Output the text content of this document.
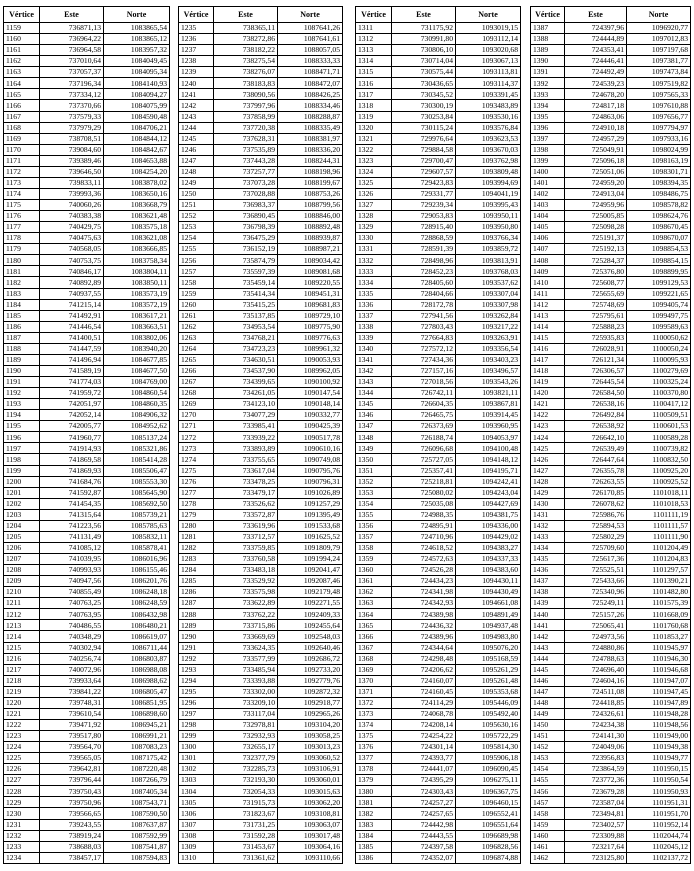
Vértice	Este	Norte
1159	736871,13	1083865,54
1160	736964,22	1083865,12
1161	736964,58	1083957,32
1162	737010,64	1084049,45
1163	737057,37	1084095,34
1164	737196,34	1084140,93
1165	737334,12	1084094,27
1166	737370,66	1084075,99
1167	737579,33	1084590,48
1168	737979,29	1084706,21
1169	738708,51	1084844,12
1170	739084,60	1084842,67
1171	739389,46	1084653,88
1172	739646,50	1084254,20
1173	739833,11	1083878,02
1174	739993,36	1083650,16
1175	740060,26	1083668,79
1176	740383,38	1083621,48
1177	740429,75	1083575,18
1178	740475,63	1083621,08
1179	740568,05	1083666,85
1180	740753,75	1083758,34
1181	740846,17	1083804,11
1182	740892,89	1083850,11
1183	740937,55	1083573,19
1184	741215,14	1083572,19
1185	741492,91	1083617,21
1186	741446,54	1083663,51
1187	741400,51	1083802,06
1188	741447,59	1083940,20
1189	741496,94	1084677,85
1190	741589,19	1084677,50
1191	741774,03	1084769,00
1192	741959,72	1084860,54
1193	742051,97	1084860,35
1194	742052,14	1084906,32
1195	742005,77	1084952,62
1196	741960,77	1085137,24
1197	741914,93	1085321,86
1198	741869,58	1085414,28
1199	741869,93	1085506,47
1200	741684,76	1085553,30
1201	741592,87	1085645,90
1202	741454,35	1085692,50
1203	741315,64	1085739,21
1204	741223,56	1085785,63
1205	741131,49	1085832,11
1206	741085,12	1085878,41
1207	741039,95	1086016,96
1208	740993,93	1086155,46
1209	740947,56	1086201,76
1210	740855,49	1086248,18
1211	740763,25	1086248,59
1212	740763,95	1086432,98
1213	740486,55	1086480,21
1214	740348,29	1086619,07
1215	740302,94	1086711,44
1216	740256,74	1086803,87
1217	740072,96	1086988,08
1218	739933,64	1086988,62
1219	739841,22	1086805,47
1220	739748,31	1086851,95
1221	739610,54	1086898,60
1222	739471,92	1086945,21
1223	739517,80	1086991,21
1224	739564,70	1087083,23
1225	739565,05	1087175,42
1226	739642,81	1087220,48
1227	739796,44	1087266,79
1228	739750,43	1087405,34
1229	739750,96	1087543,71
1230	739566,65	1087590,50
1231	739243,55	1087637,87
1232	738919,24	1087592,99
1233	738688,03	1087541,87
1234	738457,17	1087594,83
Vértice	Este	Norte
1235	738365,11	1087641,26
1236	738272,86	1087641,61
1237	738182,22	1088057,05
1238	738275,54	1088333,33
1239	738276,07	1088471,71
1240	738183,83	1088472,07
1241	738090,56	1088426,25
1242	737997,96	1088334,46
1243	737858,99	1088288,87
1244	737720,38	1088335,49
1245	737628,31	1088381,97
1246	737535,89	1088336,20
1247	737443,28	1088244,31
1248	737257,77	1088198,96
1249	737073,28	1088199,67
1250	737028,88	1088753,26
1251	736983,37	1088799,56
1252	736890,45	1088846,00
1253	736798,39	1088892,48
1254	736475,29	1088939,87
1255	736152,19	1088987,21
1256	735874,79	1089034,42
1257	735597,39	1089081,68
1258	735459,14	1089220,55
1259	735414,34	1089451,31
1260	735415,25	1089681,83
1261	735137,85	1089729,10
1262	734953,54	1089775,90
1263	734768,21	1089776,63
1264	734723,23	1089961,32
1265	734630,51	1090053,93
1266	734537,90	1089962,05
1267	734399,65	1090100,92
1268	734261,05	1090147,54
1269	734123,10	1090148,14
1270	734077,29	1090332,77
1271	733985,41	1090425,39
1272	733939,22	1090517,78
1273	733893,89	1090610,16
1274	733755,65	1090749,08
1275	733617,04	1090795,76
1276	733478,25	1090796,31
1277	733479,17	1091026,89
1278	733526,62	1091257,29
1279	733572,87	1091395,49
1280	733619,96	1091533,68
1281	733712,57	1091625,52
1282	733759,85	1091809,79
1283	733760,58	1091994,24
1284	733483,18	1092041,47
1285	733529,92	1092087,46
1286	733575,98	1092179,48
1287	733622,89	1092271,55
1288	733762,22	1092409,33
1289	733715,86	1092455,64
1290	733669,69	1092548,03
1291	733624,35	1092640,46
1292	733577,99	1092686,72
1293	733485,94	1092733,20
1294	733393,88	1092779,76
1295	733302,00	1092872,32
1296	733209,10	1092918,77
1297	733117,04	1092965,26
1298	732978,81	1093104,20
1299	732932,93	1093058,25
1300	732655,17	1093013,23
1301	732377,79	1093060,52
1302	732285,73	1093106,91
1303	732193,30	1093060,01
1304	732054,33	1093015,63
1305	731915,73	1093062,20
1306	731823,67	1093108,81
1307	731731,25	1093063,07
1308	731592,28	1093017,48
1309	731453,67	1093064,16
1310	731361,62	1093110,66
Vértice	Este	Norte
1311	731175,92	1093019,15
1312	730991,80	1093112,14
1313	730806,10	1093020,68
1314	730714,04	1093067,13
1315	730575,44	1093113,81
1316	730436,65	1093114,37
1317	730345,52	1093391,45
1318	730300,19	1093483,89
1319	730253,84	1093530,16
1320	730115,24	1093576,84
1321	729976,64	1093623,53
1322	729884,58	1093670,03
1323	729700,47	1093762,98
1324	729607,57	1093809,48
1325	729423,83	1093994,69
1326	729331,77	1094041,19
1327	729239,34	1093995,43
1328	729053,83	1093950,11
1329	728915,40	1093950,80
1330	728868,59	1093766,34
1331	728591,39	1093859,72
1332	728498,96	1093813,91
1333	728452,23	1093768,03
1334	728405,60	1093537,62
1335	728404,66	1093307,04
1336	728172,78	1093307,98
1337	727941,56	1093262,84
1338	727803,43	1093217,22
1339	727664,83	1093263,91
1340	727572,12	1093356,54
1341	727434,36	1093403,23
1342	727157,16	1093496,57
1343	727018,56	1093543,26
1344	726742,11	1093821,11
1345	726604,35	1093867,81
1346	726465,75	1093914,45
1347	726373,69	1093960,95
1348	726188,74	1094053,97
1349	726096,68	1094100,48
1350	725727,05	1094148,12
1351	725357,41	1094195,71
1352	725218,81	1094242,41
1353	725080,02	1094243,04
1354	725035,08	1094427,69
1355	724988,35	1094381,75
1356	724895,91	1094336,00
1357	724710,96	1094429,02
1358	724618,52	1094383,27
1359	724572,63	1094337,33
1360	724526,28	1094383,60
1361	724434,23	1094430,11
1362	724341,98	1094430,49
1363	724342,93	1094661,08
1364	724389,98	1094891,49
1365	724436,32	1094937,48
1366	724389,96	1094983,80
1367	724344,64	1095076,20
1368	724298,48	1095168,59
1369	724206,62	1095261,29
1370	724160,07	1095261,48
1371	724160,45	1095353,68
1372	724114,29	1095446,09
1373	724068,78	1095492,40
1374	724208,14	1095630,16
1375	724254,22	1095722,29
1376	724301,14	1095814,30
1377	724393,77	1095906,18
1378	724441,07	1096090,45
1379	724395,29	1096275,11
1380	724303,43	1096367,75
1381	724257,27	1096460,15
1382	724257,65	1096552,41
1383	724442,98	1096551,64
1384	724443,55	1096689,98
1385	724397,58	1096828,56
1386	724352,07	1096874,88
Vértice	Este	Norte
1387	724397,96	1096920,77
1388	724444,89	1097012,83
1389	724353,41	1097197,68
1390	724446,41	1097381,77
1391	724492,49	1097473,84
1392	724539,23	1097519,82
1393	724678,20	1097565,33
1394	724817,18	1097610,88
1395	724863,06	1097656,77
1396	724910,18	1097794,97
1397	724957,29	1097933,16
1398	725049,91	1098024,99
1399	725096,18	1098163,19
1400	725051,06	1098301,71
1401	724959,20	1098394,35
1402	724913,04	1098486,75
1403	724959,96	1098578,82
1404	725005,85	1098624,76
1405	725098,28	1098670,45
1406	725191,37	1098670,07
1407	725192,13	1098854,53
1408	725284,37	1098854,15
1409	725376,80	1098899,95
1410	725608,77	1099129,53
1411	725655,69	1099221,65
1412	725748,69	1099405,74
1413	725795,61	1099497,75
1414	725888,23	1099589,63
1415	725935,83	1100050,62
1416	726028,91	1100050,24
1417	726121,34	1100095,93
1418	726306,57	1100279,69
1419	726445,54	1100325,24
1420	726584,50	1100370,80
1421	726538,16	1100417,12
1422	726492,84	1100509,51
1423	726538,92	1100601,53
1424	726642,10	1100589,28
1425	726539,49	1100739,82
1426	726447,64	1100832,50
1427	726355,78	1100925,20
1428	726263,55	1100925,52
1429	726170,85	1101018,11
1430	726078,62	1101018,53
1431	725986,76	1101111,19
1432	725894,53	1101111,57
1433	725802,29	1101111,90
1434	725709,60	1101204,49
1435	725617,36	1101204,83
1436	725525,51	1101297,57
1437	725433,66	1101390,21
1438	725340,96	1101482,80
1439	725249,11	1101575,39
1440	725157,26	1101668,09
1441	725065,41	1101760,68
1442	724973,56	1101853,27
1443	724880,86	1101945,97
1444	724788,63	1101946,30
1445	724696,40	1101946,68
1446	724604,16	1101947,07
1447	724511,08	1101947,45
1448	724418,85	1101947,89
1449	724326,61	1101948,28
1450	724234,38	1101948,56
1451	724141,30	1101949,00
1452	724049,06	1101949,38
1453	723956,83	1101949,77
1454	723864,59	1101950,15
1455	723772,36	1101950,54
1456	723679,28	1101950,93
1457	723587,04	1101951,31
1458	723494,81	1101951,70
1459	723402,57	1101952,14
1460	723309,88	1102044,74
1461	723217,64	1102045,12
1462	723125,80	1102137,72
